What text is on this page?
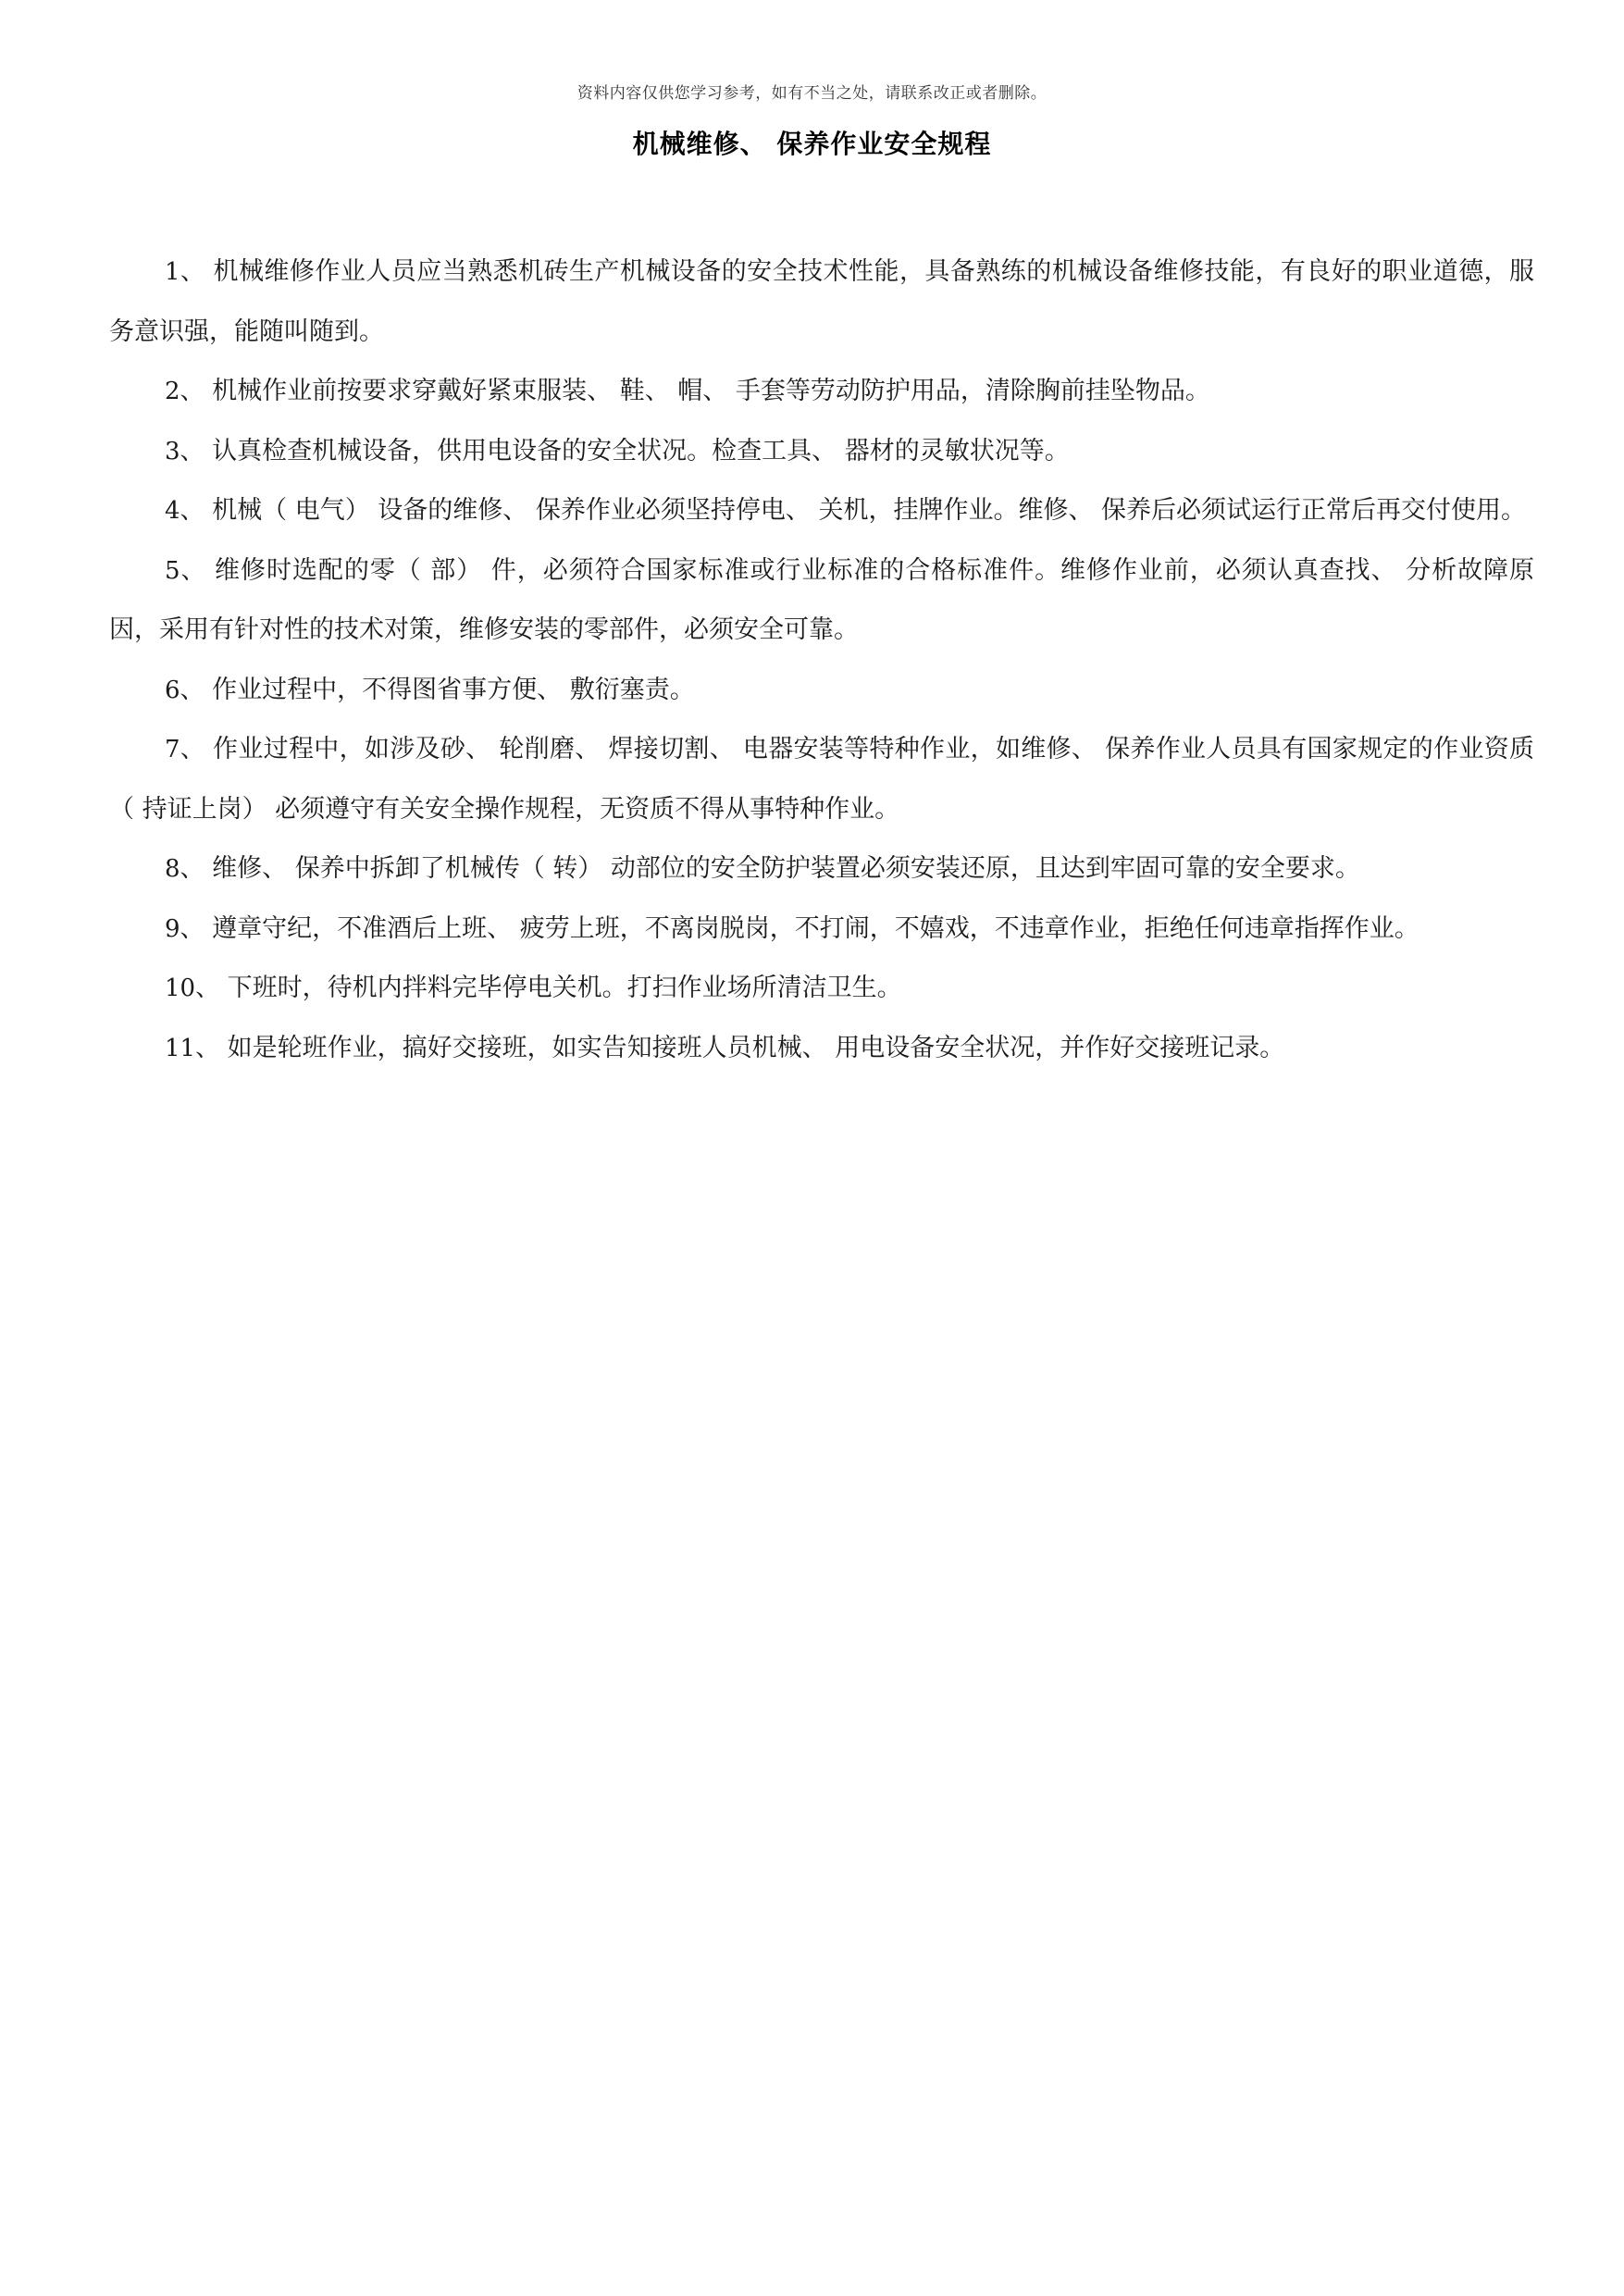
资料内容仅供您学习参考，如有不当之处，请联系改正或者删除。
机械维修、 保养作业安全规程

1、 机械维修作业人员应当熟悉机砖生产机械设备的安全技术性能，具备熟练的机械设备维修技能，有良好的职业道德，服务意识强，能随叫随到。

2、 机械作业前按要求穿戴好紧束服装、 鞋、 帽、 手套等劳动防护用品，清除胸前挂坠物品。

3、 认真检查机械设备，供用电设备的安全状况。检查工具、 器材的灵敏状况等。

4、 机械（ 电气） 设备的维修、 保养作业必须坚持停电、 关机，挂牌作业。维修、 保养后必须试运行正常后再交付使用。

5、 维修时选配的零（ 部） 件，必须符合国家标准或行业标准的合格标准件。维修作业前，必须认真查找、 分析故障原因，采用有针对性的技术对策，维修安装的零部件，必须安全可靠。

6、 作业过程中，不得图省事方便、 敷衍塞责。

7、 作业过程中，如涉及砂、 轮削磨、 焊接切割、 电器安装等特种作业，如维修、 保养作业人员具有国家规定的作业资质（ 持证上岗） 必须遵守有关安全操作规程，无资质不得从事特种作业。

8、 维修、 保养中拆卸了机械传（ 转） 动部位的安全防护装置必须安装还原，且达到牢固可靠的安全要求。

9、 遵章守纪，不准酒后上班、 疲劳上班，不离岗脱岗，不打闹，不嬉戏，不违章作业，拒绝任何违章指挥作业。

10、 下班时，待机内拌料完毕停电关机。打扫作业场所清洁卫生。

11、 如是轮班作业，搞好交接班，如实告知接班人员机械、 用电设备安全状况，并作好交接班记录。
